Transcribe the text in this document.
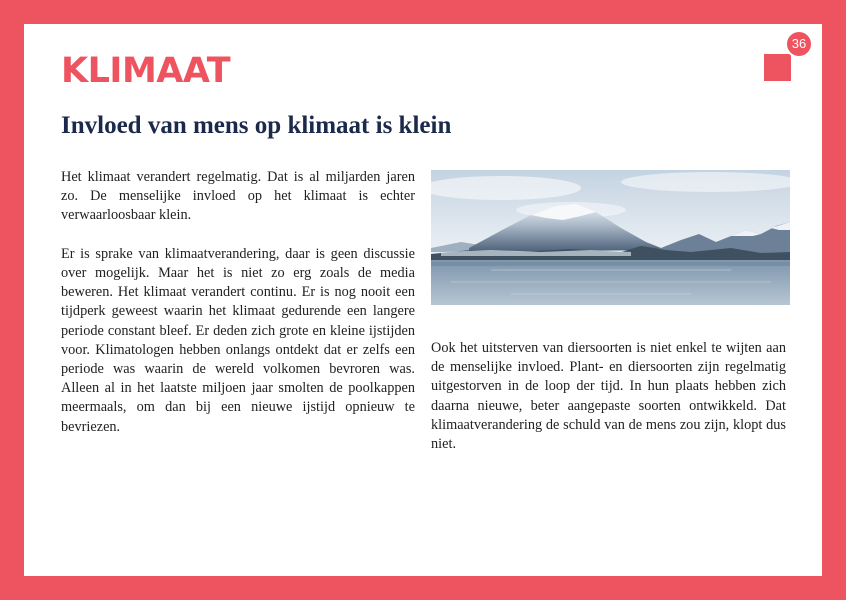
KLIMAAT
36
Invloed van mens op klimaat is klein

Het klimaat verandert regelmatig. Dat is al miljarden jaren zo. De menselijke invloed op het klimaat is echter verwaarloosbaar klein.

Er is sprake van klimaatverandering, daar is geen discussie over mogelijk. Maar het is niet zo erg zoals de media beweren. Het klimaat verandert continu. Er is nog nooit een tijdperk geweest waarin het klimaat gedurende een langere periode constant bleef. Er deden zich grote en kleine ijstijden voor. Klimatologen hebben onlangs ontdekt dat er zelfs een periode was waarin de wereld volkomen bevroren was. Alleen al in het laatste miljoen jaar smolten de poolkappen meermaals, om dan bij een nieuwe ijstijd opnieuw te bevriezen.

Ook het uitsterven van diersoorten is niet enkel te wijten aan de menselijke invloed. Plant- en diersoorten zijn regelmatig uitgestorven in de loop der tijd. In hun plaats hebben zich daarna nieuwe, beter aangepaste soorten ontwikkeld. Dat klimaatverandering de schuld van de mens zou zijn, klopt dus niet.
